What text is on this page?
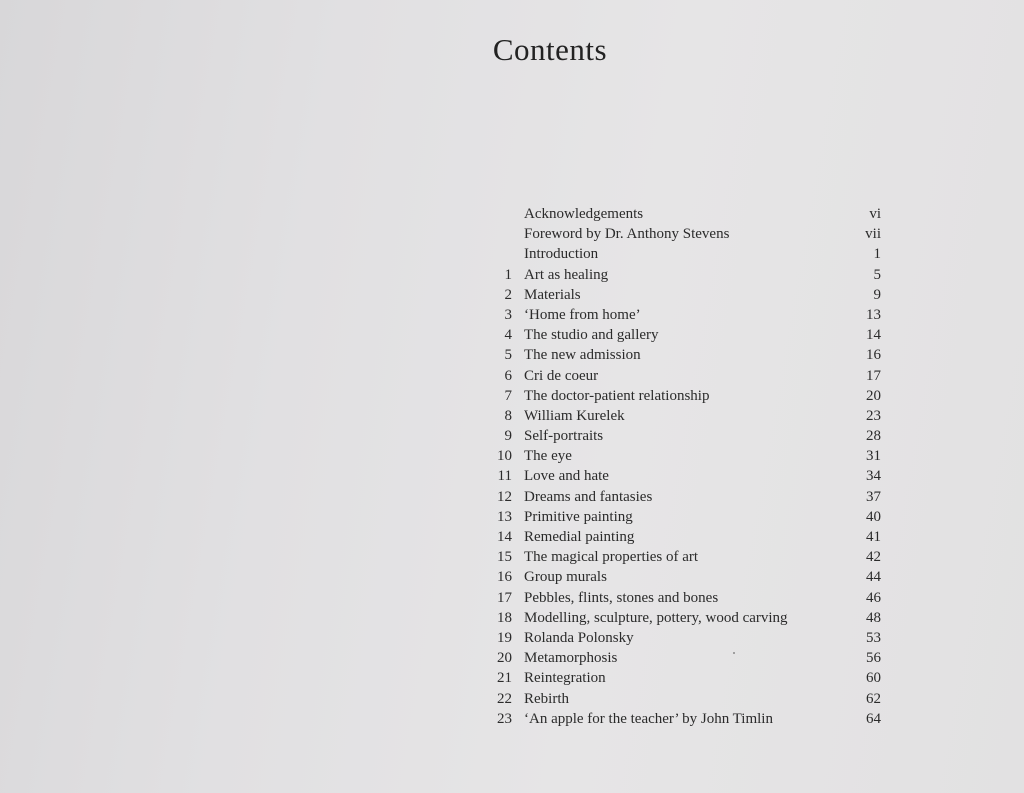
Contents
Acknowledgements	vi
Foreword by Dr. Anthony Stevens	vii
Introduction	1
1 Art as healing	5
2 Materials	9
3 ‘Home from home’	13
4 The studio and gallery	14
5 The new admission	16
6 Cri de coeur	17
7 The doctor-patient relationship	20
8 William Kurelek	23
9 Self-portraits	28
10 The eye	31
11 Love and hate	34
12 Dreams and fantasies	37
13 Primitive painting	40
14 Remedial painting	41
15 The magical properties of art	42
16 Group murals	44
17 Pebbles, flints, stones and bones	46
18 Modelling, sculpture, pottery, wood carving	48
19 Rolanda Polonsky	53
20 Metamorphosis	56
21 Reintegration	60
22 Rebirth	62
23 ‘An apple for the teacher’ by John Timlin	64
